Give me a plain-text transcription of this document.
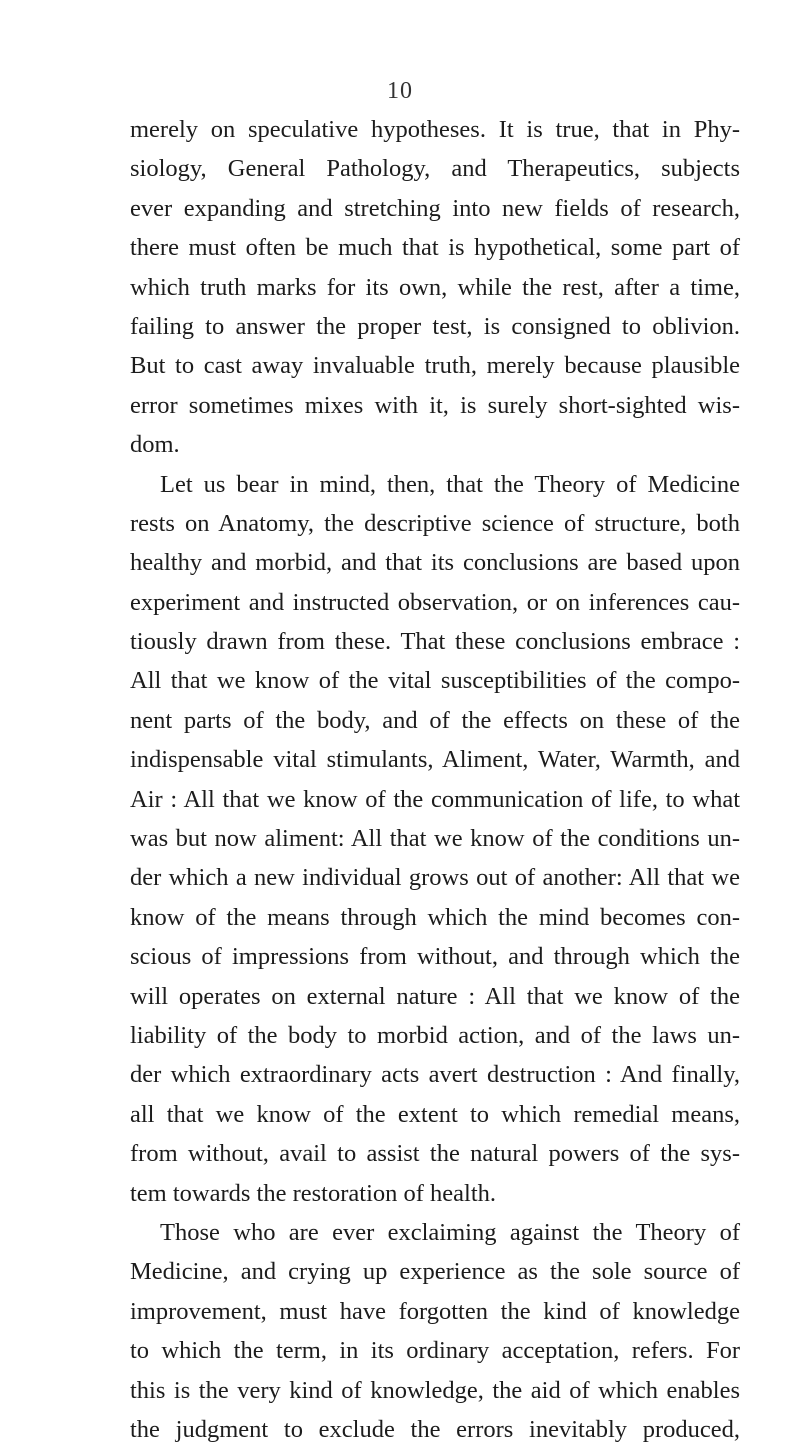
10
merely on speculative hypotheses. It is true, that in Phy-
siology, General Pathology, and Therapeutics, subjects
ever expanding and stretching into new fields of research,
there must often be much that is hypothetical, some part of
which truth marks for its own, while the rest, after a time,
failing to answer the proper test, is consigned to oblivion.
But to cast away invaluable truth, merely because plausible
error sometimes mixes with it, is surely short-sighted wis-
dom.
Let us bear in mind, then, that the Theory of Medicine
rests on Anatomy, the descriptive science of structure, both
healthy and morbid, and that its conclusions are based upon
experiment and instructed observation, or on inferences cau-
tiously drawn from these. That these conclusions embrace :
All that we know of the vital susceptibilities of the compo-
nent parts of the body, and of the effects on these of the
indispensable vital stimulants, Aliment, Water, Warmth, and
Air : All that we know of the communication of life, to what
was but now aliment: All that we know of the conditions un-
der which a new individual grows out of another: All that we
know of the means through which the mind becomes con-
scious of impressions from without, and through which the
will operates on external nature : All that we know of the
liability of the body to morbid action, and of the laws un-
der which extraordinary acts avert destruction : And finally,
all that we know of the extent to which remedial means,
from without, avail to assist the natural powers of the sys-
tem towards the restoration of health.
Those who are ever exclaiming against the Theory of
Medicine, and crying up experience as the sole source of
improvement, must have forgotten the kind of knowledge
to which the term, in its ordinary acceptation, refers. For
this is the very kind of knowledge, the aid of which enables
the judgment to exclude the errors inevitably produced,
